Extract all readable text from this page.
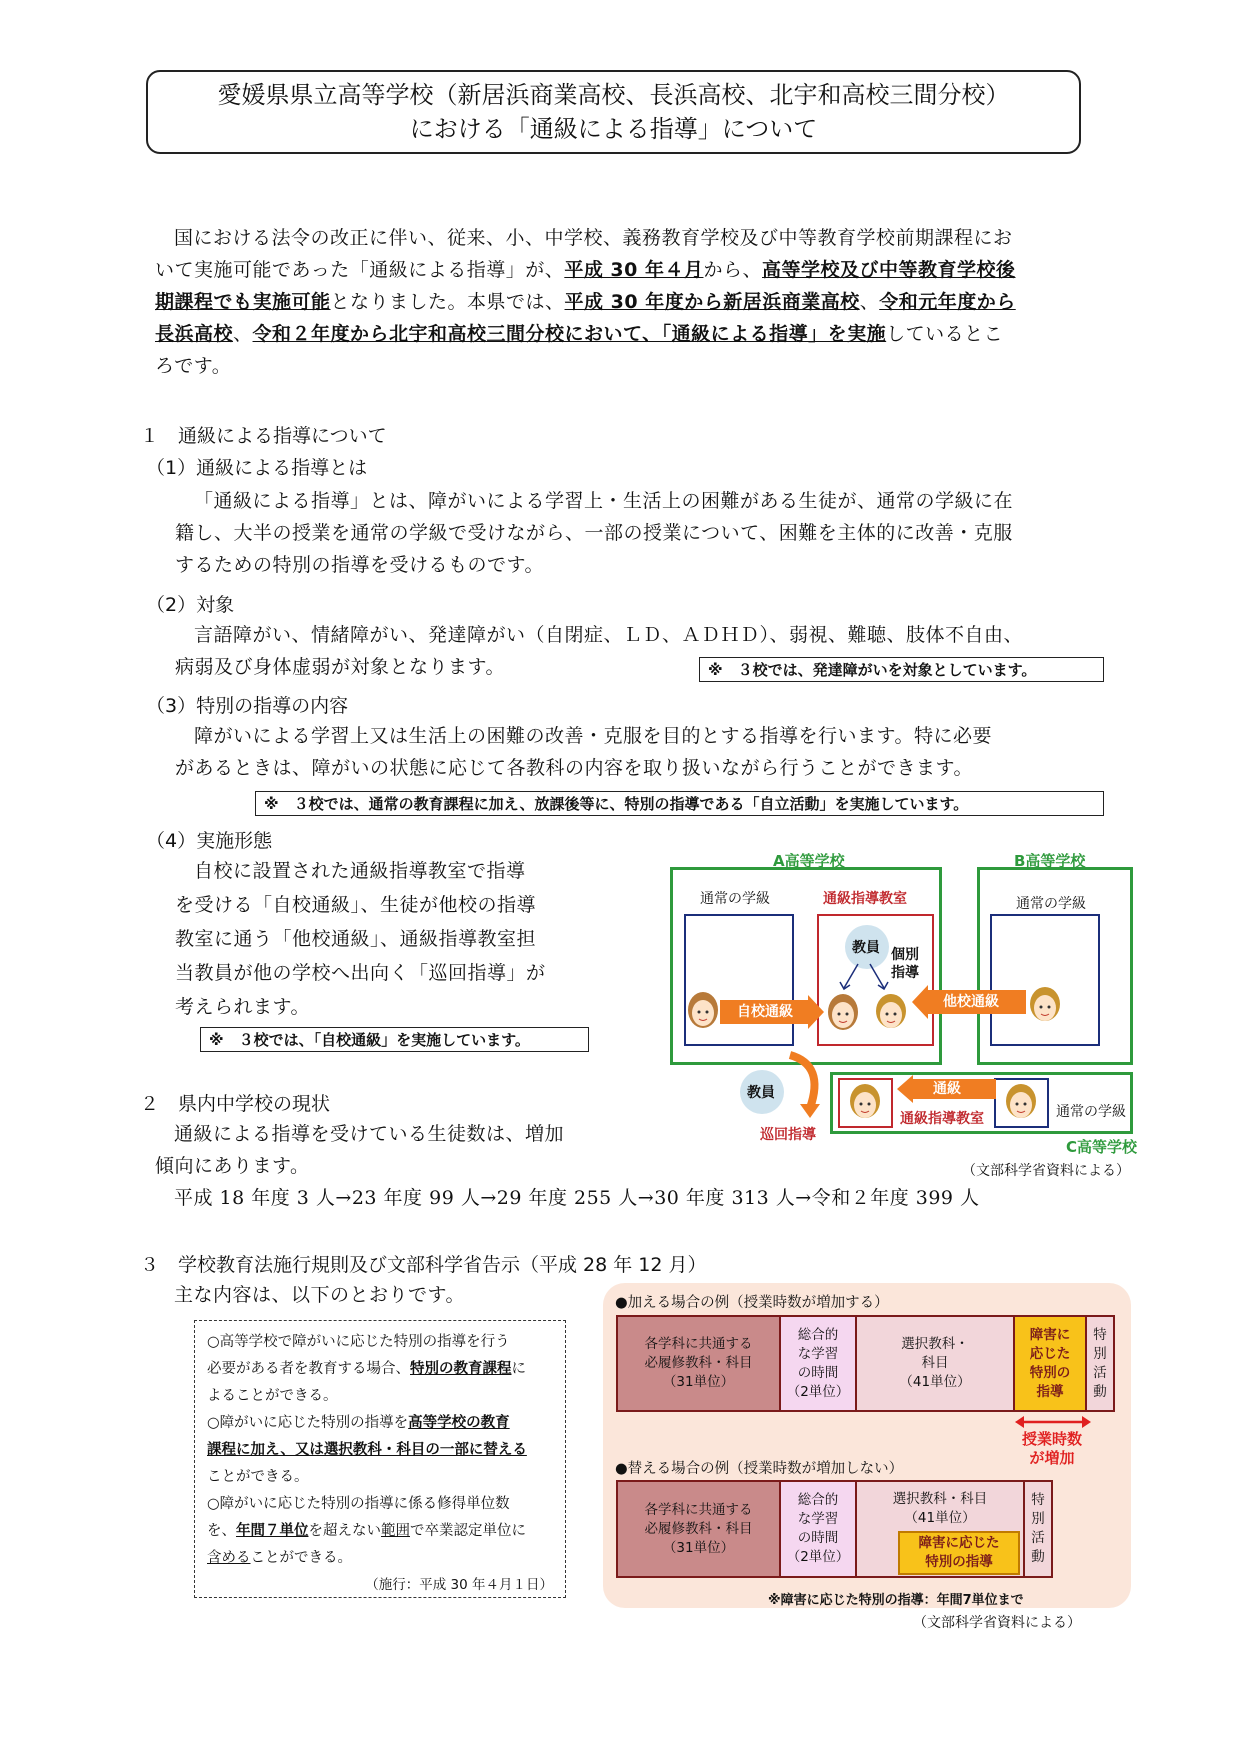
愛媛県県立高等学校（新居浜商業高校、長浜高校、北宇和高校三間分校）
における「通級による指導」について
国における法令の改正に伴い、従来、小、中学校、義務教育学校及び中等教育学校前期課程にお
いて実施可能であった「通級による指導」が、平成 30 年４月から、高等学校及び中等教育学校後
期課程でも実施可能となりました。本県では、平成 30 年度から新居浜商業高校、令和元年度から
長浜高校、令和２年度から北宇和高校三間分校において、「通級による指導」を実施しているとこ
ろです。
１　通級による指導について
（1）通級による指導とは
「通級による指導」とは、障がいによる学習上・生活上の困難がある生徒が、通常の学級に在
籍し、大半の授業を通常の学級で受けながら、一部の授業について、困難を主体的に改善・克服
するための特別の指導を受けるものです。
（2）対象
言語障がい、情緒障がい、発達障がい（自閉症、ＬＤ、ＡＤＨＤ）、弱視、難聴、肢体不自由、
病弱及び身体虚弱が対象となります。	※　３校では、発達障がいを対象としています。
（3）特別の指導の内容
障がいによる学習上又は生活上の困難の改善・克服を目的とする指導を行います。特に必要
があるときは、障がいの状態に応じて各教科の内容を取り扱いながら行うことができます。
※　３校では、通常の教育課程に加え、放課後等に、特別の指導である「自立活動」を実施しています。
（4）実施形態
自校に設置された通級指導教室で指導
を受ける「自校通級」、生徒が他校の指導
教室に通う「他校通級」、通級指導教室担
当教員が他の学校へ出向く「巡回指導」が
考えられます。
※　３校では、「自校通級」を実施しています。
A高等学校	B高等学校
通常の学級	通級指導教室	通常の学級
教員 個別
指導
自校通級
他校通級
教員
巡回指導
通級
通級指導教室	通常の学級
C高等学校
（文部科学省資料による）
２　県内中学校の現状
通級による指導を受けている生徒数は、増加
傾向にあります。
平成 18 年度 3 人→23 年度 99 人→29 年度 255 人→30 年度 313 人→令和２年度 399 人
３　学校教育法施行規則及び文部科学省告示（平成 28 年 12 月）
主な内容は、以下のとおりです。
○高等学校で障がいに応じた特別の指導を行う
必要がある者を教育する場合、特別の教育課程に
よることができる。
○障がいに応じた特別の指導を高等学校の教育
課程に加え、又は選択教科・科目の一部に替える
ことができる。
○障がいに応じた特別の指導に係る修得単位数
を、年間７単位を超えない範囲で卒業認定単位に
含めることができる。
（施行：平成 30 年４月１日）
●加える場合の例（授業時数が増加する）
各学科に共通する
必履修教科・科目
（31単位）
総合的
な学習
の時間
（2単位）
選択教科・
科目
（41単位）
障害に
応じた
特別の
指導
特
別
活
動
授業時数
が増加
●替える場合の例（授業時数が増加しない）
各学科に共通する
必履修教科・科目
（31単位）
総合的
な学習
の時間
（2単位）
選択教科・科目
（41単位）
障害に応じた
特別の指導
特
別
活
動
※障害に応じた特別の指導：年間7単位まで
（文部科学省資料による）
